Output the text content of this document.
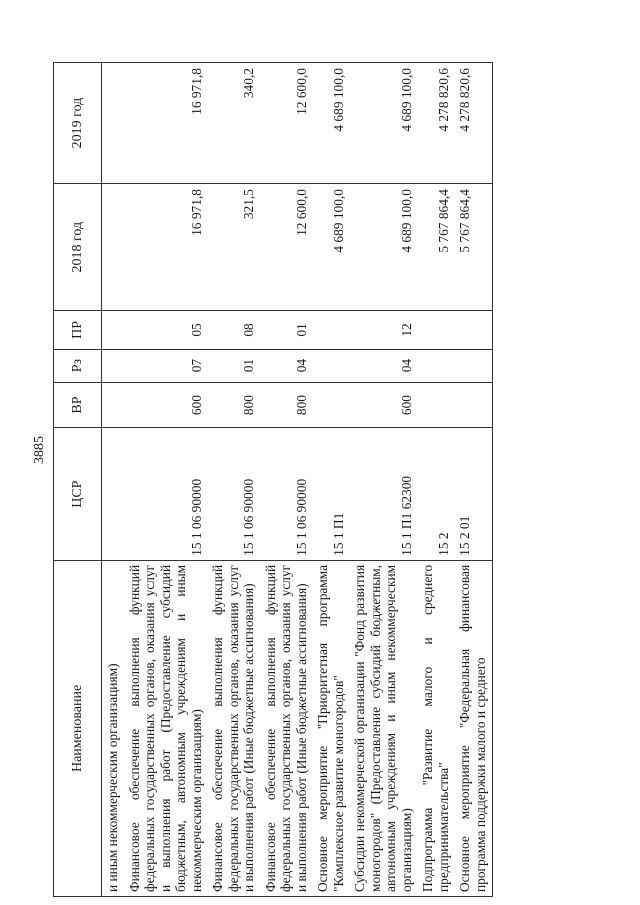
3885
Наименование	ЦСР	ВР	Рз	ПР	2018 год	2019 год
и иным некоммерческим организациям)						
Финансовое обеспечение выполнения функций федеральных государственных органов, оказания услуг и выполнения работ (Предоставление субсидий бюджетным, автономным учреждениям и иным некоммерческим организациям)	15 1 06 90000	600	07	05	16 971,8	16 971,8
Финансовое обеспечение выполнения функций федеральных государственных органов, оказания услуг и выполнения работ (Иные бюджетные ассигнования)	15 1 06 90000	800	01	08	321,5	340,2
Финансовое обеспечение выполнения функций федеральных государственных органов, оказания услуг и выполнения работ (Иные бюджетные ассигнования)	15 1 06 90000	800	04	01	12 600,0	12 600,0
Основное мероприятие "Приоритетная программа "Комплексное развитие моногородов"	15 1 П1				4 689 100,0	4 689 100,0
Субсидии некоммерческой организации "Фонд развития моногородов" (Предоставление субсидий бюджетным, автономным учреждениям и иным некоммерческим организациям)	15 1 П1 62300	600	04	12	4 689 100,0	4 689 100,0
Подпрограмма "Развитие малого и среднего предпринимательства"	15 2				5 767 864,4	4 278 820,6
Основное мероприятие "Федеральная финансовая программа поддержки малого и среднего	15 2 01				5 767 864,4	4 278 820,6
